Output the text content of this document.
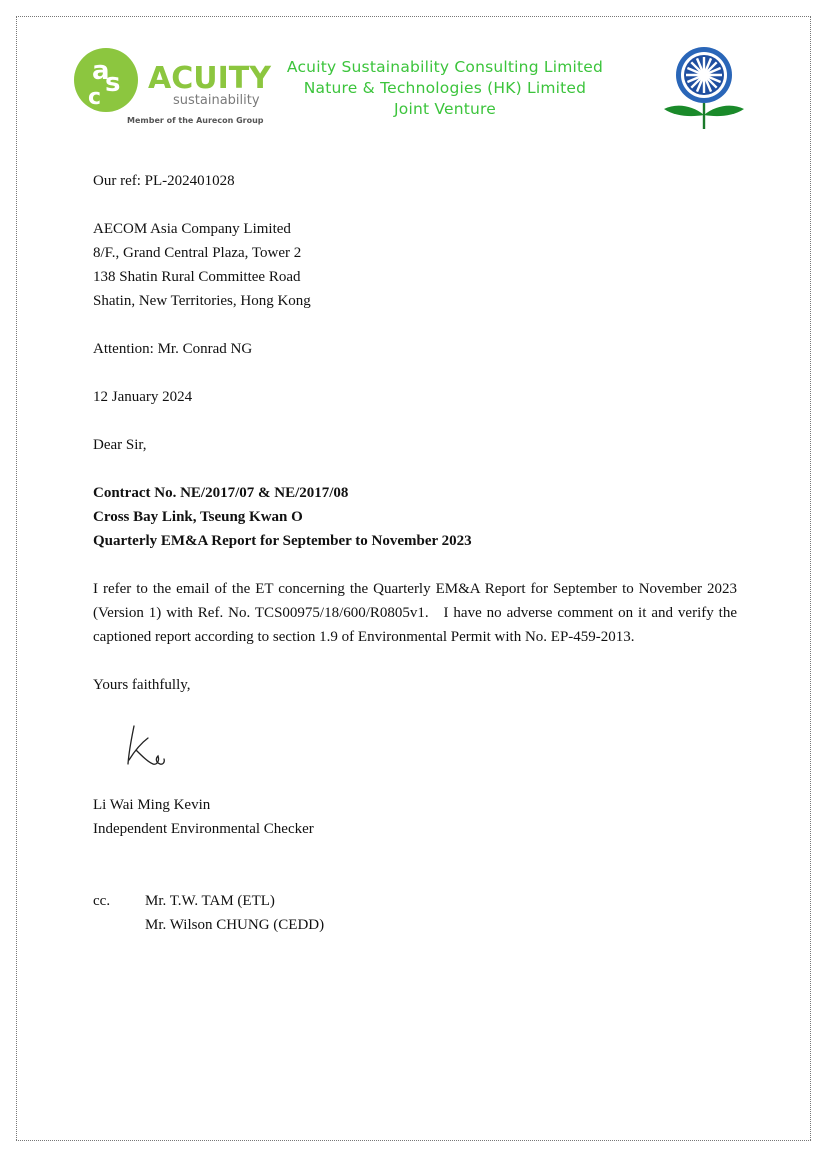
a
s
c
ACUITY
sustainability
Member of the Aurecon Group
Acuity Sustainability Consulting Limited
Nature & Technologies (HK) Limited
Joint Venture
Our ref: PL-202401028
AECOM Asia Company Limited
8/F., Grand Central Plaza, Tower 2
138 Shatin Rural Committee Road
Shatin, New Territories, Hong Kong
Attention: Mr. Conrad NG
12 January 2024
Dear Sir,
Contract No. NE/2017/07 & NE/2017/08
Cross Bay Link, Tseung Kwan O
Quarterly EM&A Report for September to November 2023
I refer to the email of the ET concerning the Quarterly EM&A Report for September to November 2023 (Version 1) with Ref. No. TCS00975/18/600/R0805v1.   I have no adverse comment on it and verify the captioned report according to section 1.9 of Environmental Permit with No. EP-459-2013.
Yours faithfully,
Li Wai Ming Kevin
Independent Environmental Checker
cc. Mr. T.W. TAM (ETL)
Mr. Wilson CHUNG (CEDD)
